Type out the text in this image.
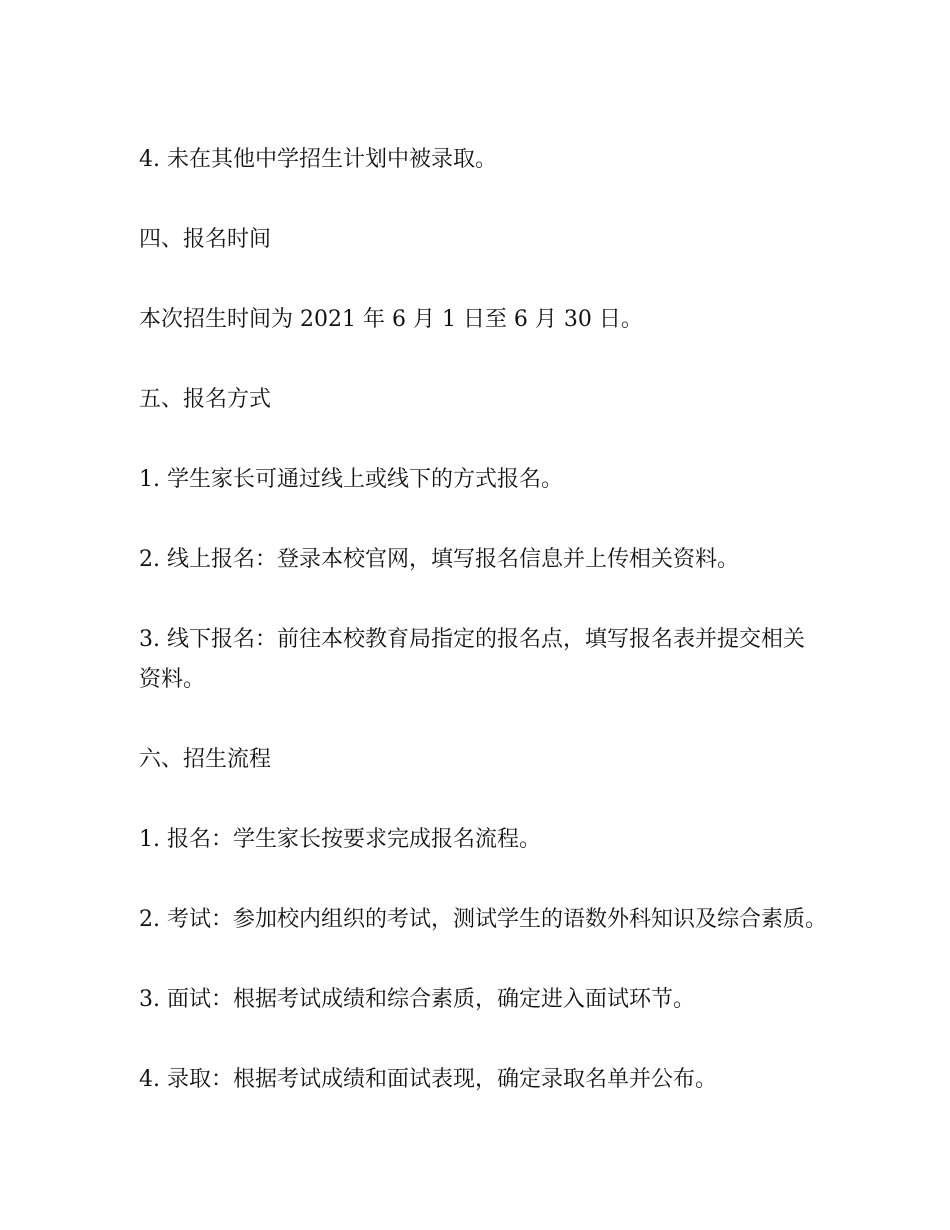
4. 未在其他中学招生计划中被录取。
四、报名时间
本次招生时间为 2021 年 6 月 1 日至 6 月 30 日。
五、报名方式
1. 学生家长可通过线上或线下的方式报名。
2. 线上报名：登录本校官网，填写报名信息并上传相关资料。
3. 线下报名：前往本校教育局指定的报名点，填写报名表并提交相关
资料。
六、招生流程
1. 报名：学生家长按要求完成报名流程。
2. 考试：参加校内组织的考试，测试学生的语数外科知识及综合素质。
3. 面试：根据考试成绩和综合素质，确定进入面试环节。
4. 录取：根据考试成绩和面试表现，确定录取名单并公布。
